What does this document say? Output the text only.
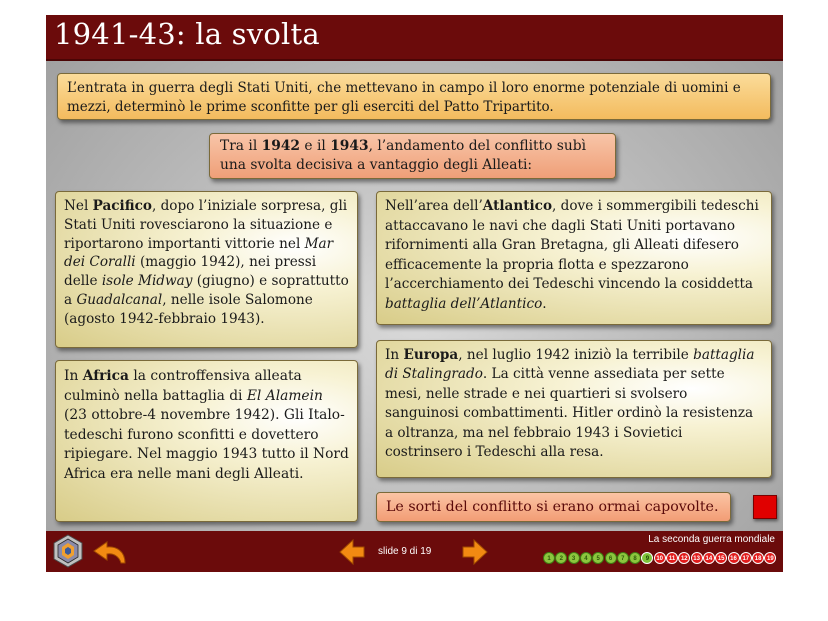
1941-43: la svolta
L’entrata in guerra degli Stati Uniti, che mettevano in campo il loro enorme potenziale di uomini e mezzi, determinò le prime sconfitte per gli eserciti del Patto Tripartito.
Tra il 1942 e il 1943, l’andamento del conflitto subì una svolta decisiva a vantaggio degli Alleati:
Nel Pacifico, dopo l’iniziale sorpresa, gli Stati Uniti rovesciarono la situazione e riportarono importanti vittorie nel Mar dei Coralli (maggio 1942), nei pressi delle isole Midway (giugno) e soprattutto a Guadalcanal, nelle isole Salomone (agosto 1942-febbraio 1943).
In Africa la controffensiva alleata culminò nella battaglia di El Alamein (23 ottobre-4 novembre 1942). Gli Italo-tedeschi furono sconfitti e dovettero ripiegare. Nel maggio 1943 tutto il Nord Africa era nelle mani degli Alleati.
Nell’area dell’Atlantico, dove i sommergibili tedeschi attaccavano le navi che dagli Stati Uniti portavano rifornimenti alla Gran Bretagna, gli Alleati difesero efficacemente la propria flotta e spezzarono l’accerchiamento dei Tedeschi vincendo la cosiddetta battaglia dell’Atlantico.
In Europa, nel luglio 1942 iniziò la terribile battaglia di Stalingrado. La città venne assediata per sette mesi, nelle strade e nei quartieri si svolsero sanguinosi combattimenti. Hitler ordinò la resistenza a oltranza, ma nel febbraio 1943 i Sovietici costrinsero i Tedeschi alla resa.
Le sorti del conflitto si erano ormai capovolte.
slide 9 di 19
La seconda guerra mondiale
1	2	3	4	5	6	7	8	9	10 11 12 13 14 15 16 17 18 19
